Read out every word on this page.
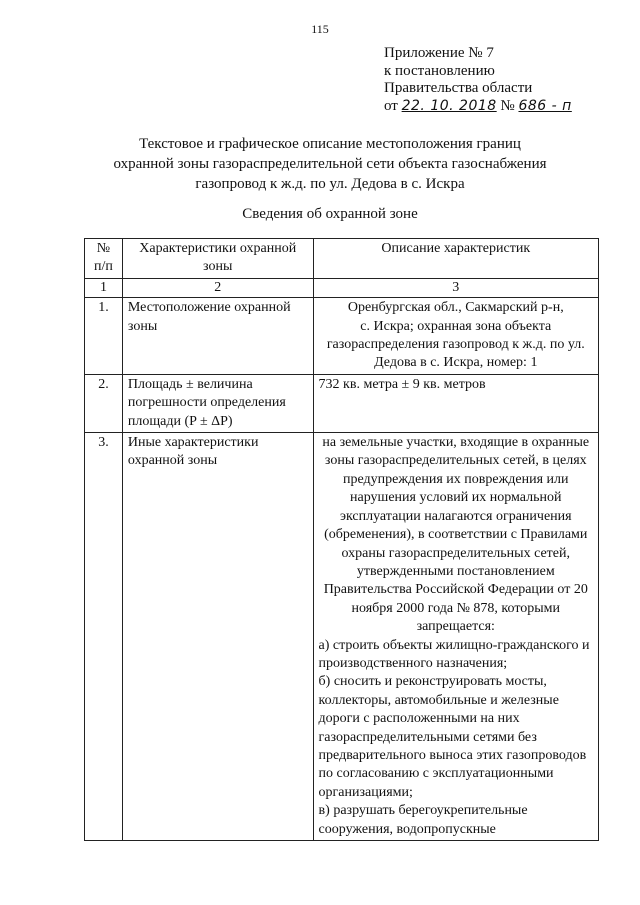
115
Приложение № 7
к постановлению
Правительства области
от 22. 10. 2018 № 686 - п
Текстовое и графическое описание местоположения границ
охранной зоны газораспределительной сети объекта газоснабжения
газопровод к ж.д. по ул. Дедова в с. Искра
Сведения об охранной зоне
№ п/п	Характеристики охранной зоны	Описание характеристик
1	2	3
1.	Местоположение охранной зоны	Оренбургская обл., Сакмарский р-н,
с. Искра; охранная зона объекта газораспределения газопровод к ж.д. по ул. Дедова в с. Искра, номер: 1

2.	Площадь ± величина погрешности определения площади (P ± ΔP)	732 кв. метра ± 9 кв. метров

3.	Иные характеристики охранной зоны	на земельные участки, входящие в охранные зоны газораспределительных сетей, в целях предупреждения их повреждения или нарушения условий их нормальной эксплуатации налагаются ограничения (обременения), в соответствии с Правилами охраны газораспределительных сетей, утвержденными постановлением Правительства Российской Федерации от 20 ноября 2000 года № 878, которыми запрещается:
а) строить объекты жилищно-гражданского и производственного назначения;
б) сносить и реконструировать мосты, коллекторы, автомобильные и железные дороги с расположенными на них газораспределительными сетями без предварительного выноса этих газопроводов по согласованию с эксплуатационными организациями;
в) разрушать берегоукрепительные сооружения, водопропускные
